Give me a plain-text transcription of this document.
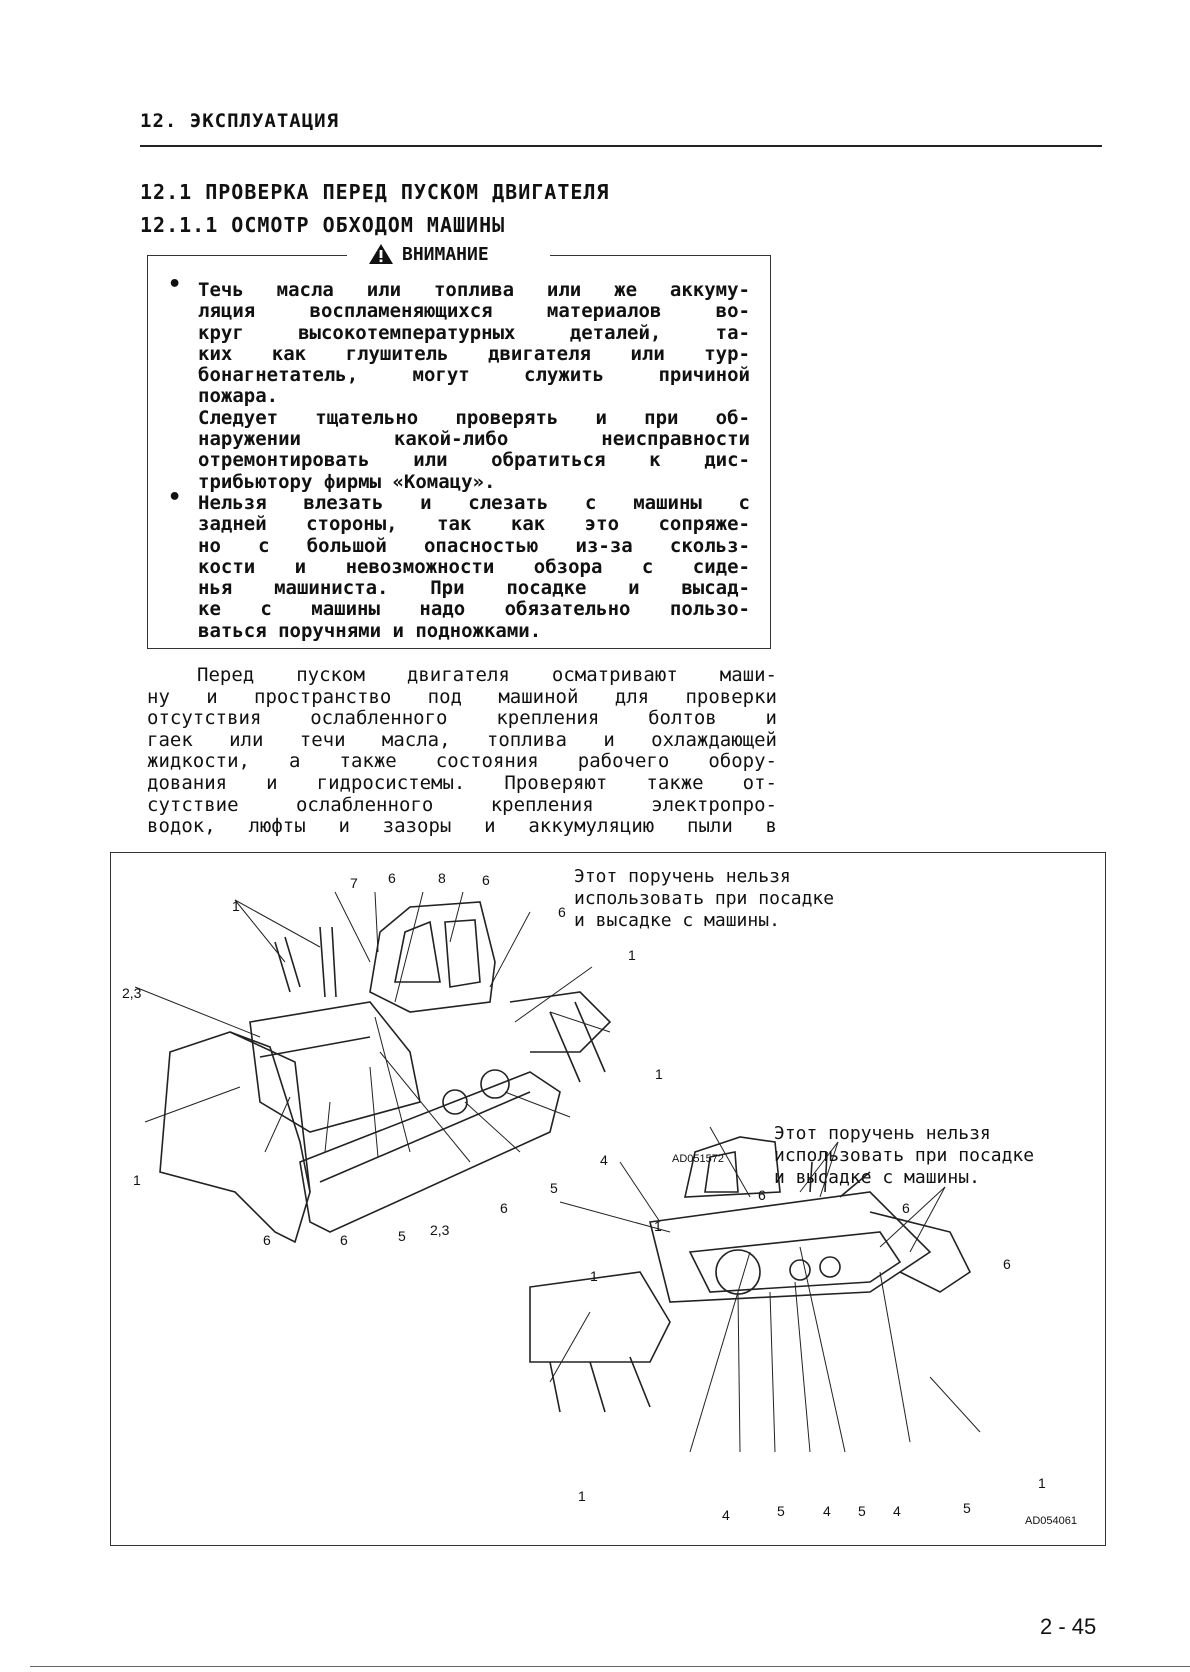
12. ЭКСПЛУАТАЦИЯ
12.1 ПРОВЕРКА ПЕРЕД ПУСКОМ ДВИГАТЕЛЯ
12.1.1 ОСМОТР ОБХОДОМ МАШИНЫ
ВНИМАНИЕ
• Течь масла или топлива или же аккуму-
ляция воспламеняющихся материалов во-
круг высокотемпературных деталей, та-
ких как глушитель двигателя или тур-
бонагнетатель, могут служить причиной
пожара.
Следует тщательно проверять и при об-
наружении какой-либо неисправности
отремонтировать или обратиться к дис-
трибьютору фирмы «Комацу».
• Нельзя влезать и слезать с машины с
задней стороны, так как это сопряже-
но с большой опасностью из-за скольз-
кости и невозможности обзора с сиде-
нья машиниста. При посадке и высад-
ке с машины надо обязательно пользо-
ваться поручнями и подножками.
Перед пуском двигателя осматривают маши-
ну и пространство под машиной для проверки
отсутствия ослабленного крепления болтов и
гаек или течи масла, топлива и охлаждающей
жидкости, а также состояния рабочего обору-
дования и гидросистемы. Проверяют также от-
сутствие ослабленного крепления электропро-
водок, люфты и зазоры и аккумуляцию пыли в
Этот поручень нельзя
использовать при посадке
и высадке с машины.
Этот поручень нельзя
использовать при посадке
и высадке с машины.
AD051572
AD054061
7 6	8	6
6
1
2,3
1
1
4
5
6
1
6	6	5 2,3
6
6
6
1
1
1
1
4	5	4 5 4	5
2 - 45
